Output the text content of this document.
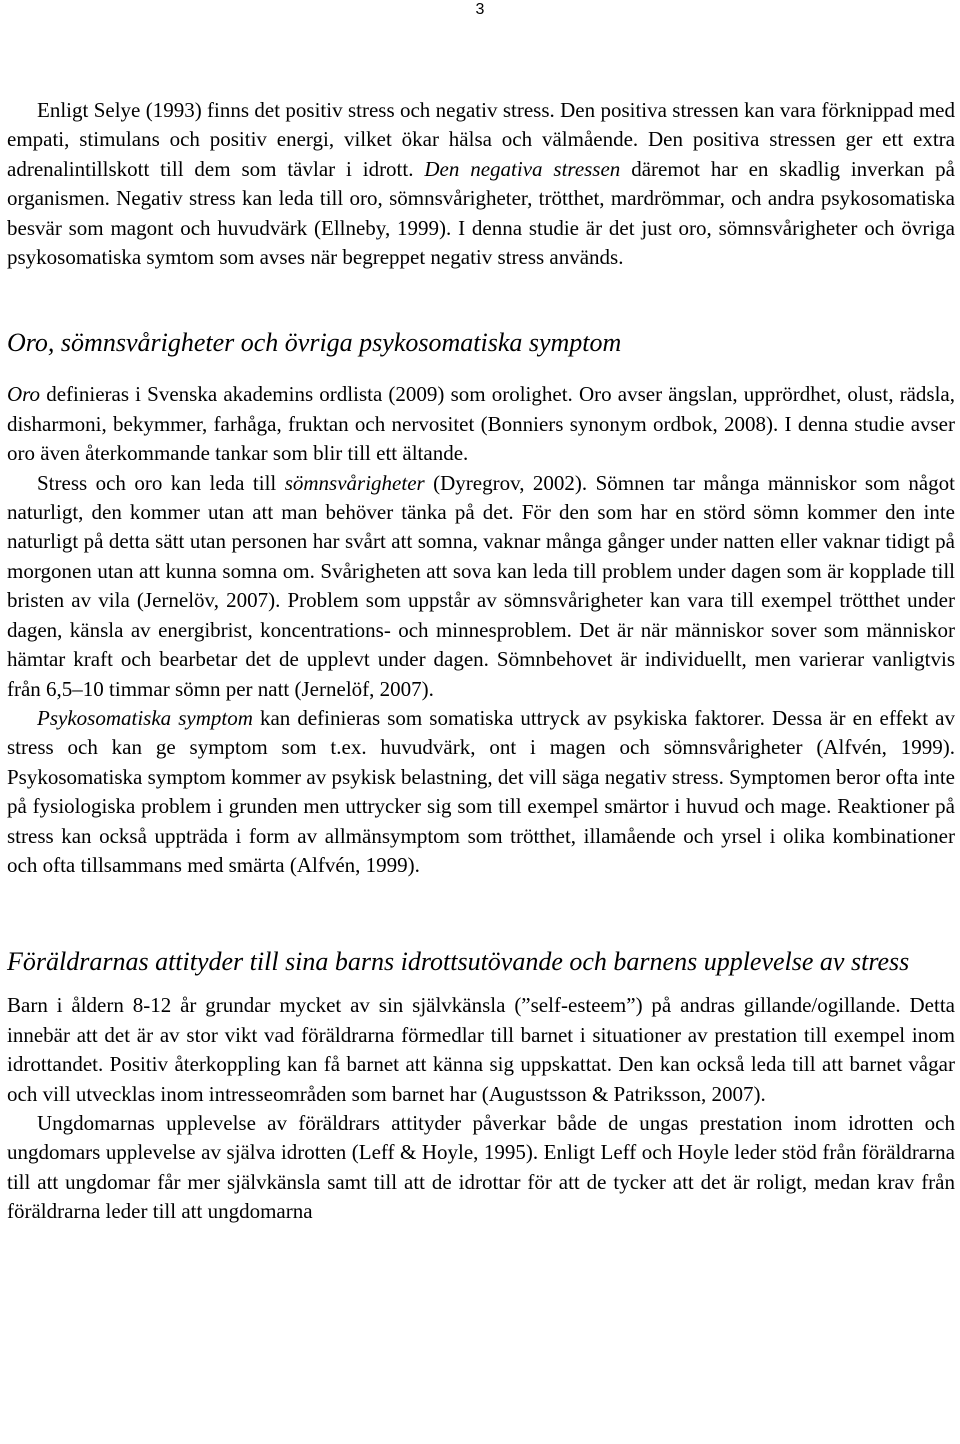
3

Enligt Selye (1993) finns det positiv stress och negativ stress. Den positiva stressen kan vara förknippad med empati, stimulans och positiv energi, vilket ökar hälsa och välmående. Den positiva stressen ger ett extra adrenalintillskott till dem som tävlar i idrott. Den negativa stressen däremot har en skadlig inverkan på organismen. Negativ stress kan leda till oro, sömnsvårigheter, trötthet, mardrömmar, och andra psykosomatiska besvär som magont och huvudvärk (Ellneby, 1999). I denna studie är det just oro, sömnsvårigheter och övriga psykosomatiska symtom som avses när begreppet negativ stress används.

Oro, sömnsvårigheter och övriga psykosomatiska symptom

Oro definieras i Svenska akademins ordlista (2009) som orolighet. Oro avser ängslan, upprördhet, olust, rädsla, disharmoni, bekymmer, farhåga, fruktan och nervositet (Bonniers synonym ordbok, 2008). I denna studie avser oro även återkommande tankar som blir till ett ältande.

Stress och oro kan leda till sömnsvårigheter (Dyregrov, 2002). Sömnen tar många människor som något naturligt, den kommer utan att man behöver tänka på det. För den som har en störd sömn kommer den inte naturligt på detta sätt utan personen har svårt att somna, vaknar många gånger under natten eller vaknar tidigt på morgonen utan att kunna somna om. Svårigheten att sova kan leda till problem under dagen som är kopplade till bristen av vila (Jernelöv, 2007). Problem som uppstår av sömnsvårigheter kan vara till exempel trötthet under dagen, känsla av energibrist, koncentrations- och minnesproblem. Det är när människor sover som människor hämtar kraft och bearbetar det de upplevt under dagen. Sömnbehovet är individuellt, men varierar vanligtvis från 6,5–10 timmar sömn per natt (Jernelöf, 2007).

Psykosomatiska symptom kan definieras som somatiska uttryck av psykiska faktorer. Dessa är en effekt av stress och kan ge symptom som t.ex. huvudvärk, ont i magen och sömnsvårigheter (Alfvén, 1999). Psykosomatiska symptom kommer av psykisk belastning, det vill säga negativ stress. Symptomen beror ofta inte på fysiologiska problem i grunden men uttrycker sig som till exempel smärtor i huvud och mage. Reaktioner på stress kan också uppträda i form av allmänsymptom som trötthet, illamående och yrsel i olika kombinationer och ofta tillsammans med smärta (Alfvén, 1999).

Föräldrarnas attityder till sina barns idrottsutövande och barnens upplevelse av stress

Barn i åldern 8-12 år grundar mycket av sin självkänsla (”self-esteem”) på andras gillande/ogillande. Detta innebär att det är av stor vikt vad föräldrarna förmedlar till barnet i situationer av prestation till exempel inom idrottandet. Positiv återkoppling kan få barnet att känna sig uppskattat. Den kan också leda till att barnet vågar och vill utvecklas inom intresseområden som barnet har (Augustsson & Patriksson, 2007).

Ungdomarnas upplevelse av föräldrars attityder påverkar både de ungas prestation inom idrotten och ungdomars upplevelse av själva idrotten (Leff & Hoyle, 1995). Enligt Leff och Hoyle leder stöd från föräldrarna till att ungdomar får mer självkänsla samt till att de idrottar för att de tycker att det är roligt, medan krav från föräldrarna leder till att ungdomarna
